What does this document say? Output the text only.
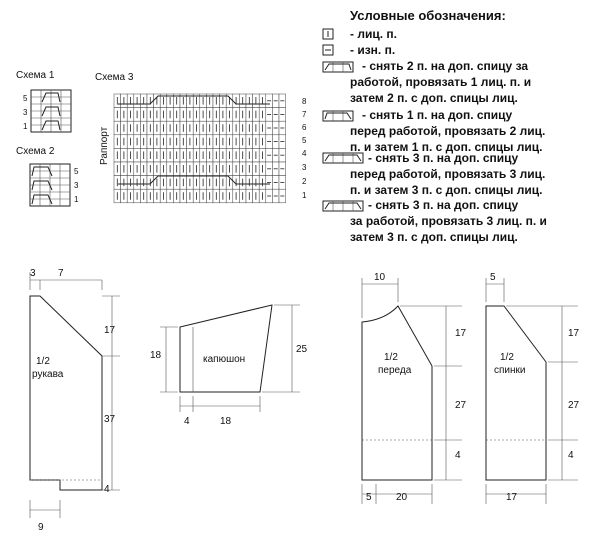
Условные обозначения:
- лиц. п.
- изн. п.
- снять 2 п. на доп. спицу за
работой, провязать 1 лиц. п. и
затем 2 п. с доп. спицы лиц.
- снять 1 п. на доп. спицу
перед работой, провязать 2 лиц.
п. и затем 1 п. с доп. спицы лиц.
- снять 3 п. на доп. спицу
перед работой, провязать 3 лиц.
п. и затем 3 п. с доп. спицы лиц.
- снять 3 п. на доп. спицу
за работой, провязать 3 лиц. п. и
затем 3 п. с доп. спицы лиц.
Схема 1
5
3
1
Схема 2
5
3
1
Схема 3
Раппорт
8
7
6
5
4
3
2
1
3 7
17
37
4
9
1/2
рукава
18
25
4	18
капюшон
10
17
27
4
5 20
1/2
переда
5
17
27
4
17
1/2
спинки
